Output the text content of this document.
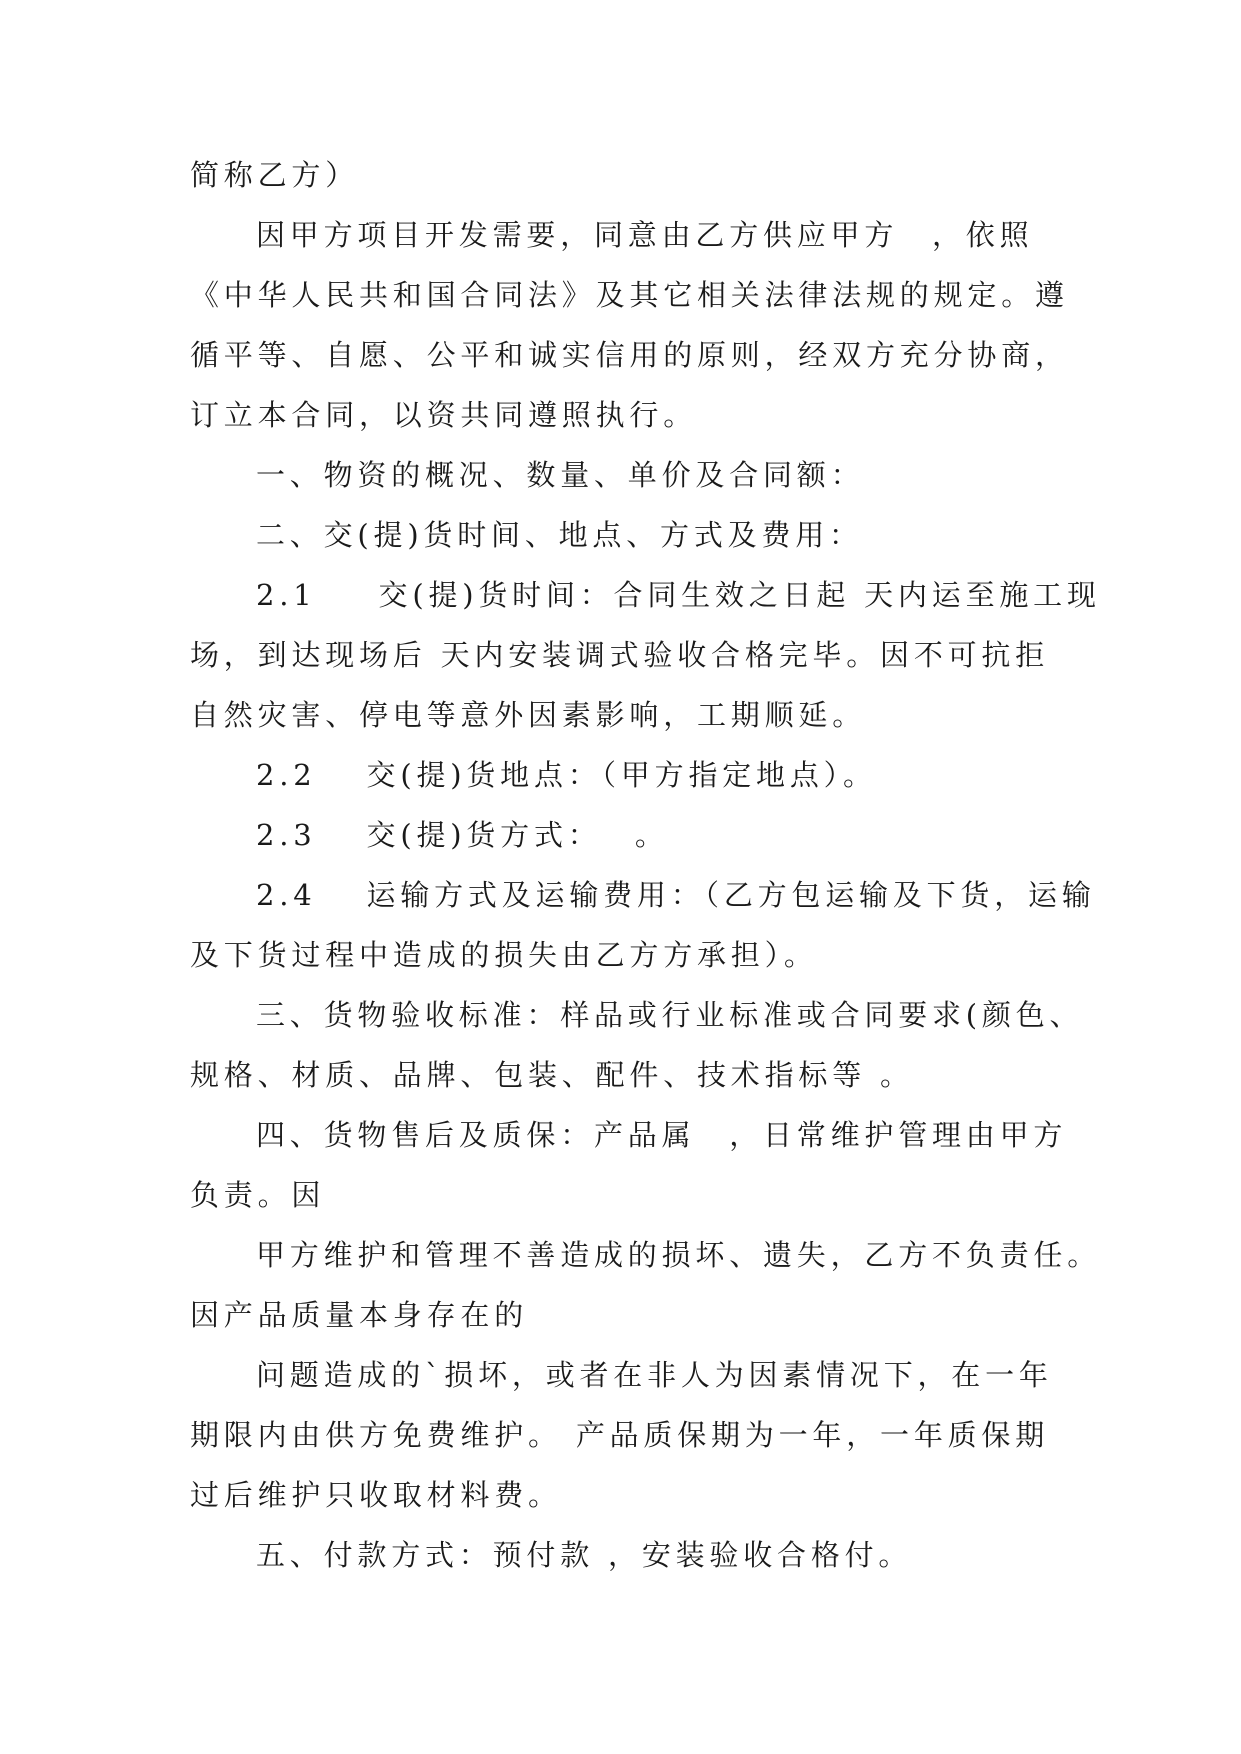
简称乙方）
因甲方项目开发需要，同意由乙方供应甲方　，依照
《中华人民共和国合同法》及其它相关法律法规的规定。遵
循平等、自愿、公平和诚实信用的原则，经双方充分协商，
订立本合同，以资共同遵照执行。
一、物资的概况、数量、单价及合同额：
二、交(提)货时间、地点、方式及费用：
2.1 交(提)货时间：合同生效之日起 天内运至施工现
场，到达现场后 天内安装调式验收合格完毕。因不可抗拒
自然灾害、停电等意外因素影响，工期顺延。
2.2 交(提)货地点：（甲方指定地点）。
2.3 交(提)货方式：　 。
2.4 运输方式及运输费用：（乙方包运输及下货，运输
及下货过程中造成的损失由乙方方承担）。
三、货物验收标准：样品或行业标准或合同要求(颜色、
规格、材质、品牌、包装、配件、技术指标等 。
四、货物售后及质保：产品属　，日常维护管理由甲方
负责。因
甲方维护和管理不善造成的损坏、遗失，乙方不负责任。
因产品质量本身存在的
问题造成的`损坏，或者在非人为因素情况下，在一年
期限内由供方免费维护。 产品质保期为一年，一年质保期
过后维护只收取材料费。
五、付款方式：预付款 ，安装验收合格付。
